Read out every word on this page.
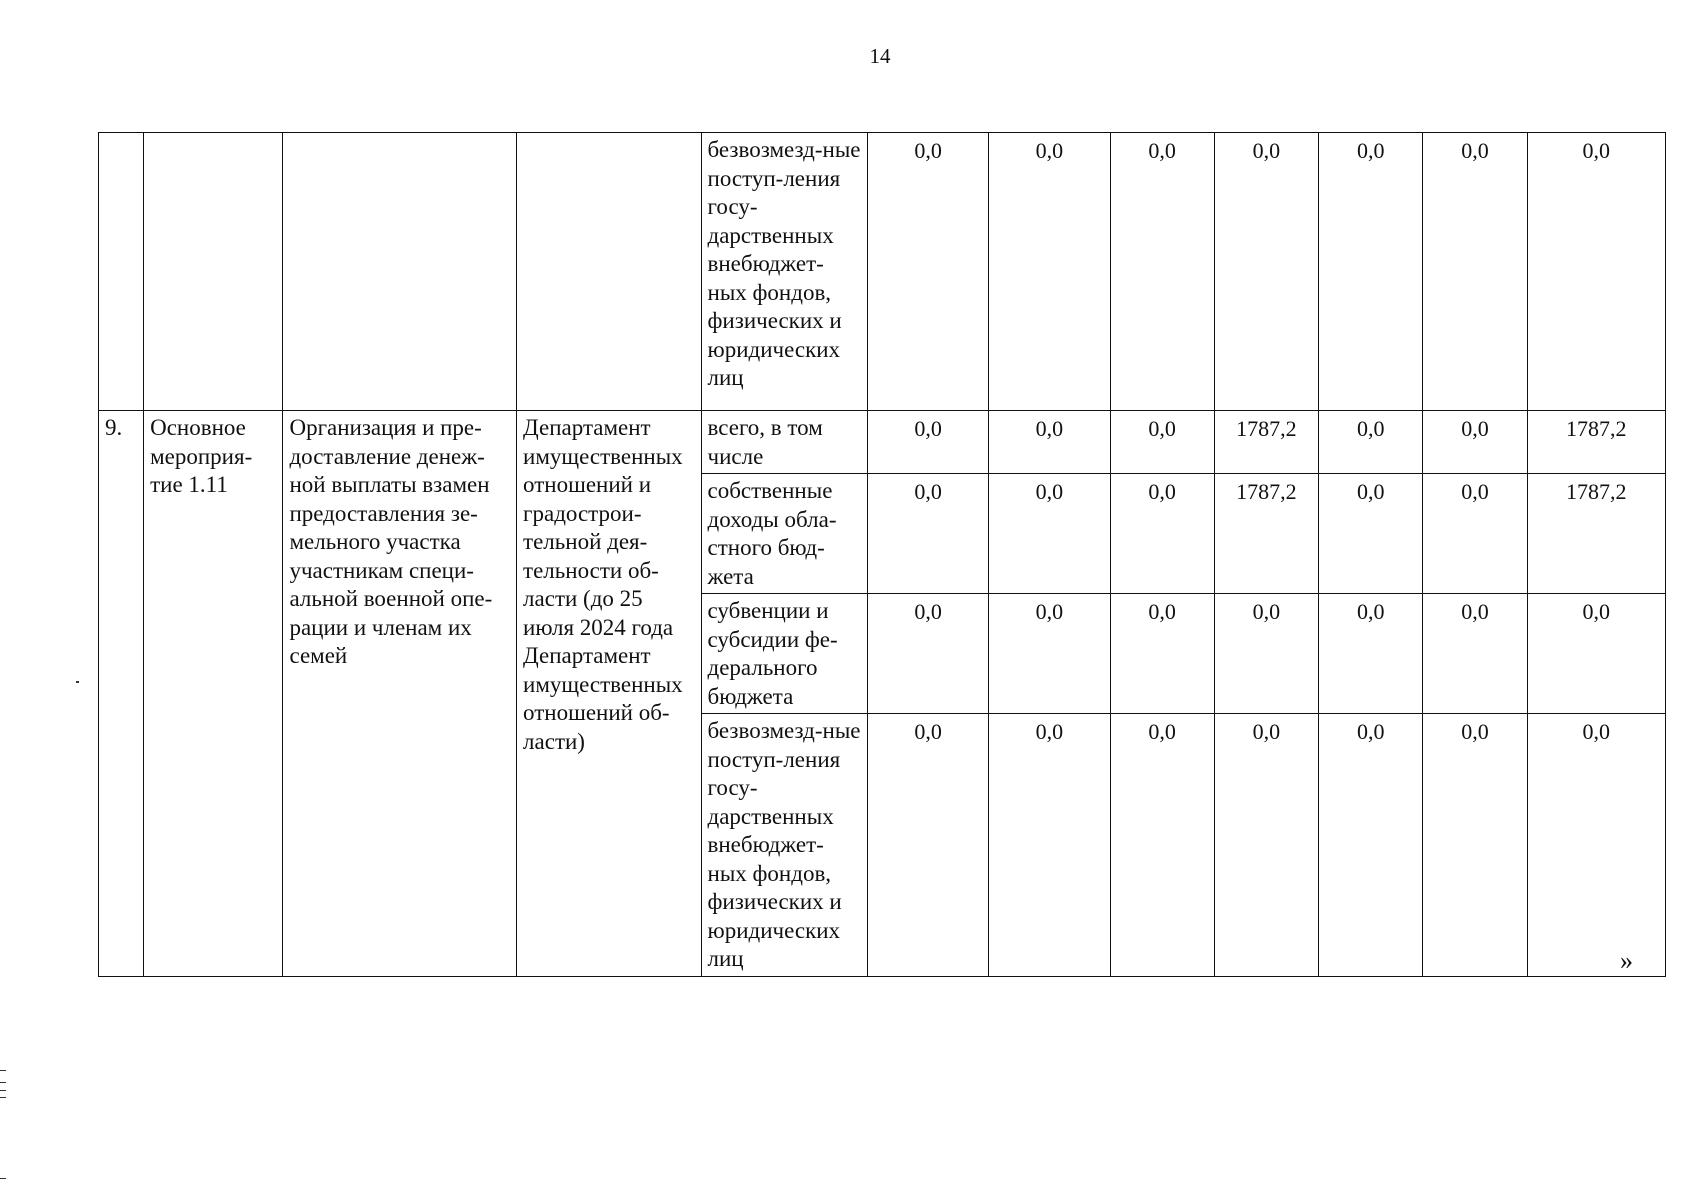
14
				безвозмезд-ные поступ-ления госу-дарственных внебюджет-ных фондов, физических и юридических лиц	0,0	0,0	0,0	0,0	0,0	0,0	0,0
9.	Основное мероприя-тие 1.11	Организация и пре-доставление денеж-ной выплаты взамен предоставления зе-мельного участка участникам специ-альной военной опе-рации и членам их семей	Департамент имущественных отношений и градострои-тельной дея-тельности об-ласти (до 25 июля 2024 года Департамент имущественных отношений об-ласти)	всего, в том числе	0,0	0,0	0,0	1787,2	0,0	0,0	1787,2
				собственные доходы обла-стного бюд-жета	0,0	0,0	0,0	1787,2	0,0	0,0	1787,2
				субвенции и субсидии фе-дерального бюджета	0,0	0,0	0,0	0,0	0,0	0,0	0,0
				безвозмезд-ные поступ-ления госу-дарственных внебюджет-ных фондов, физических и юридических лиц	0,0	0,0	0,0	0,0	0,0	0,0	0,0
»
